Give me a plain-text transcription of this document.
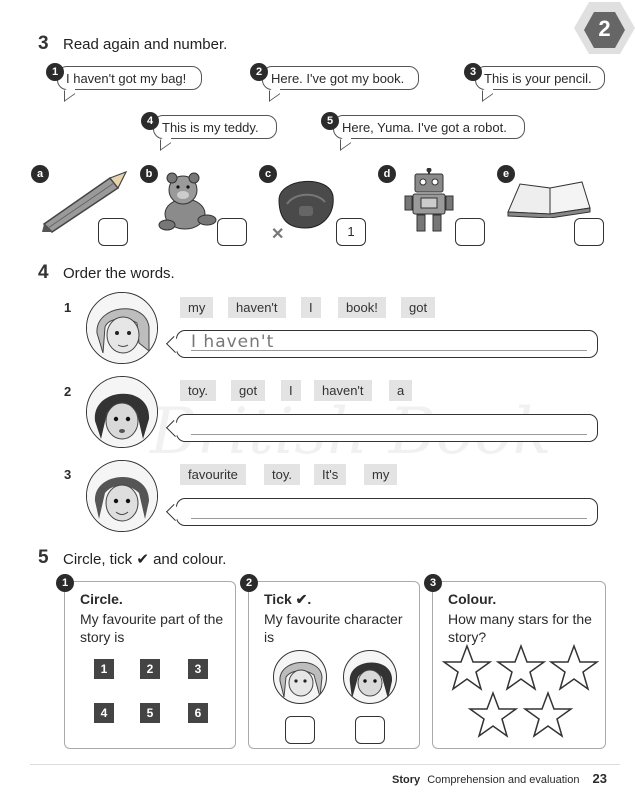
2
3 Read again and number.
I haven't got my bag!
1	Here. I've got my book.
2	This is your pencil.
3
This is my teddy.
4	Here, Yuma. I've got a robot.
5
a	b	c
✕	1
d	e
4 Order the words.
1	my	haven't	I	book!	got
I haven't
2	toy.	got	I	haven't	a
3	favourite	toy.	It's	my
5 Circle, tick ✔ and colour.
Circle.
My favourite part of the story is
1	2	3
4	5	6
1
Tick ✔.
My favourite character is
2
Colour.
How many stars for the story?
3
Story Comprehension and evaluation 23
